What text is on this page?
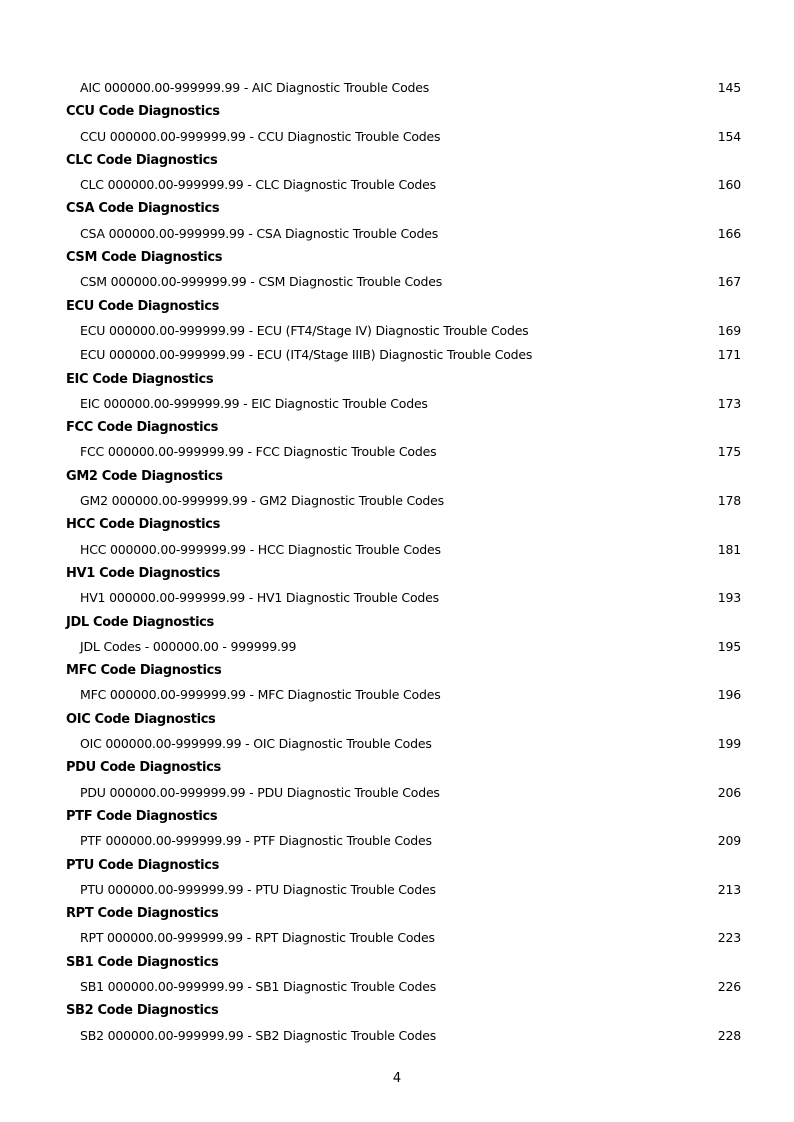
AIC 000000.00-999999.99 - AIC Diagnostic Trouble Codes	145
CCU Code Diagnostics
CCU 000000.00-999999.99 - CCU Diagnostic Trouble Codes	154
CLC Code Diagnostics
CLC 000000.00-999999.99 - CLC Diagnostic Trouble Codes	160
CSA Code Diagnostics
CSA 000000.00-999999.99 - CSA Diagnostic Trouble Codes	166
CSM Code Diagnostics
CSM 000000.00-999999.99 - CSM Diagnostic Trouble Codes	167
ECU Code Diagnostics
ECU 000000.00-999999.99 - ECU (FT4/Stage IV) Diagnostic Trouble Codes	169
ECU 000000.00-999999.99 - ECU (IT4/Stage IIIB) Diagnostic Trouble Codes	171
EIC Code Diagnostics
EIC 000000.00-999999.99 - EIC Diagnostic Trouble Codes	173
FCC Code Diagnostics
FCC 000000.00-999999.99 - FCC Diagnostic Trouble Codes	175
GM2 Code Diagnostics
GM2 000000.00-999999.99 - GM2 Diagnostic Trouble Codes	178
HCC Code Diagnostics
HCC 000000.00-999999.99 - HCC Diagnostic Trouble Codes	181
HV1 Code Diagnostics
HV1 000000.00-999999.99 - HV1 Diagnostic Trouble Codes	193
JDL Code Diagnostics
JDL Codes - 000000.00 - 999999.99	195
MFC Code Diagnostics
MFC 000000.00-999999.99 - MFC Diagnostic Trouble Codes	196
OIC Code Diagnostics
OIC 000000.00-999999.99 - OIC Diagnostic Trouble Codes	199
PDU Code Diagnostics
PDU 000000.00-999999.99 - PDU Diagnostic Trouble Codes	206
PTF Code Diagnostics
PTF 000000.00-999999.99 - PTF Diagnostic Trouble Codes	209
PTU Code Diagnostics
PTU 000000.00-999999.99 - PTU Diagnostic Trouble Codes	213
RPT Code Diagnostics
RPT 000000.00-999999.99 - RPT Diagnostic Trouble Codes	223
SB1 Code Diagnostics
SB1 000000.00-999999.99 - SB1 Diagnostic Trouble Codes	226
SB2 Code Diagnostics
SB2 000000.00-999999.99 - SB2 Diagnostic Trouble Codes	228
4
